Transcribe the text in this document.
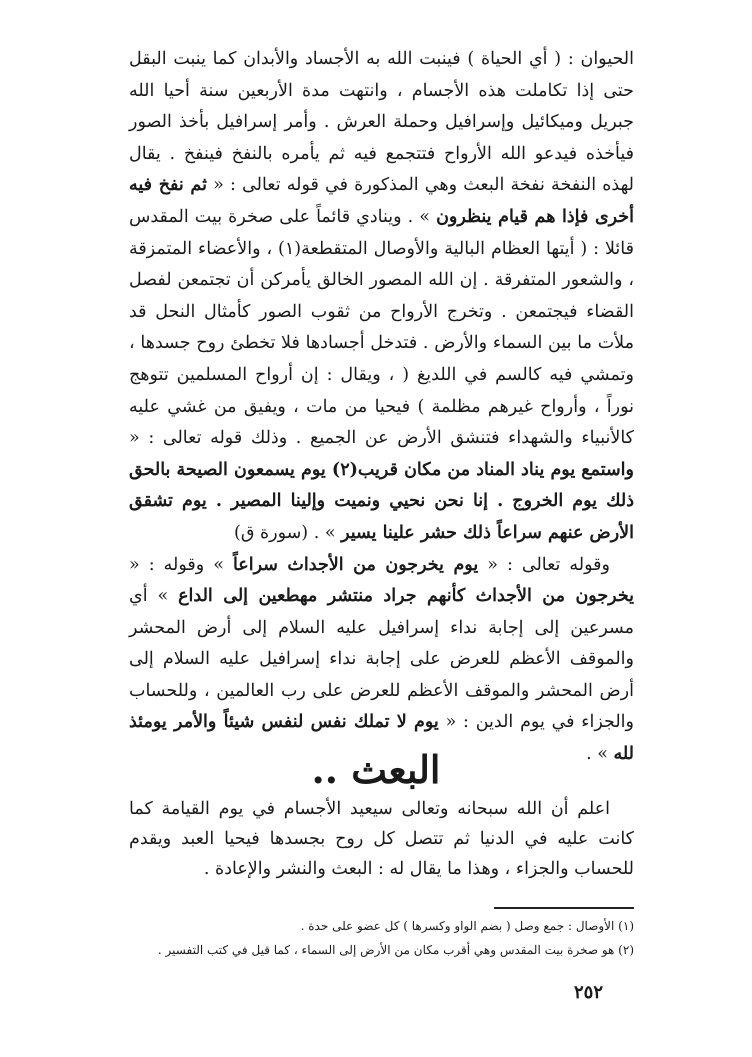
الحيوان : ( أي الحياة ) فينبت الله به الأجساد والأبدان كما ينبت البقل حتى إذا تكاملت هذه الأجسام ، وانتهت مدة الأربعين سنة أحيا الله جبريل وميكائيل وإسرافيل وحملة العرش . وأمر إسرافيل بأخذ الصور فيأخذه فيدعو الله الأرواح فتتجمع فيه ثم يأمره بالنفخ فينفخ . يقال لهذه النفخة نفخة البعث وهي المذكورة في قوله تعالى : « ثم نفخ فيه أخرى فإذا هم قيام ينظرون » . وينادي قائماً على صخرة بيت المقدس قائلا : ( أيتها العظام البالية والأوصال المتقطعة(١) ، والأعضاء المتمزقة ، والشعور المتفرقة . إن الله المصور الخالق يأمركن أن تجتمعن لفصل القضاء فيجتمعن . وتخرج الأرواح من ثقوب الصور كأمثال النحل قد ملأت ما بين السماء والأرض . فتدخل أجسادها فلا تخطئ روح جسدها ، وتمشي فيه كالسم في اللديغ ( ، ويقال : إن أرواح المسلمين تتوهج نوراً ، وأرواح غيرهم مظلمة ) فيحيا من مات ، ويفيق من غشي عليه كالأنبياء والشهداء فتنشق الأرض عن الجميع . وذلك قوله تعالى : « واستمع يوم يناد المناد من مكان قريب(٢) يوم يسمعون الصيحة بالحق ذلك يوم الخروج . إنا نحن نحيي ونميت وإلينا المصير . يوم تشقق الأرض عنهم سراعاً ذلك حشر علينا يسير » . (سورة ق)

وقوله تعالى : « يوم يخرجون من الأجداث سراعاً » وقوله : « يخرجون من الأجداث كأنهم جراد منتشر مهطعين إلى الداع » أي مسرعين إلى إجابة نداء إسرافيل عليه السلام إلى أرض المحشر والموقف الأعظم للعرض على إجابة نداء إسرافيل عليه السلام إلى أرض المحشر والموقف الأعظم للعرض على رب العالمين ، وللحساب والجزاء في يوم الدين : « يوم لا تملك نفس لنفس شيئاً والأمر يومئذ لله » .

البعث ..

اعلم أن الله سبحانه وتعالى سيعيد الأجسام في يوم القيامة كما كانت عليه في الدنيا ثم تتصل كل روح بجسدها فيحيا العبد ويقدم للحساب والجزاء ، وهذا ما يقال له : البعث والنشر والإعادة .

(١) الأوصال : جمع وصل ( بضم الواو وكسرها ) كل عضو على حدة .
(٢) هو صخرة بيت المقدس وهي أقرب مكان من الأرض إلى السماء ، كما قيل في كتب التفسير .
٢٥٢
